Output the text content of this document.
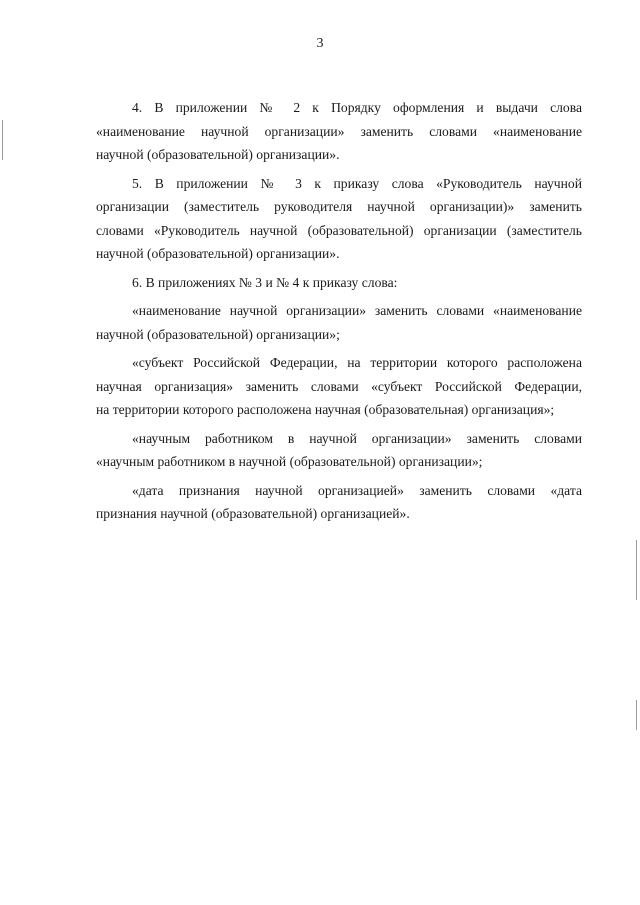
3
4. В приложении № 2 к Порядку оформления и выдачи слова
«наименование научной организации» заменить словами «наименование
научной (образовательной) организации».
5. В приложении № 3 к приказу слова «Руководитель научной
организации (заместитель руководителя научной организации)» заменить
словами «Руководитель научной (образовательной) организации (заместитель
научной (образовательной) организации».
6. В приложениях № 3 и № 4 к приказу слова:
«наименование научной организации» заменить словами «наименование
научной (образовательной) организации»;
«субъект Российской Федерации, на территории которого расположена
научная организация» заменить словами «субъект Российской Федерации,
на территории которого расположена научная (образовательная) организация»;
«научным работником в научной организации» заменить словами
«научным работником в научной (образовательной) организации»;
«дата признания научной организацией» заменить словами «дата
признания научной (образовательной) организацией».
